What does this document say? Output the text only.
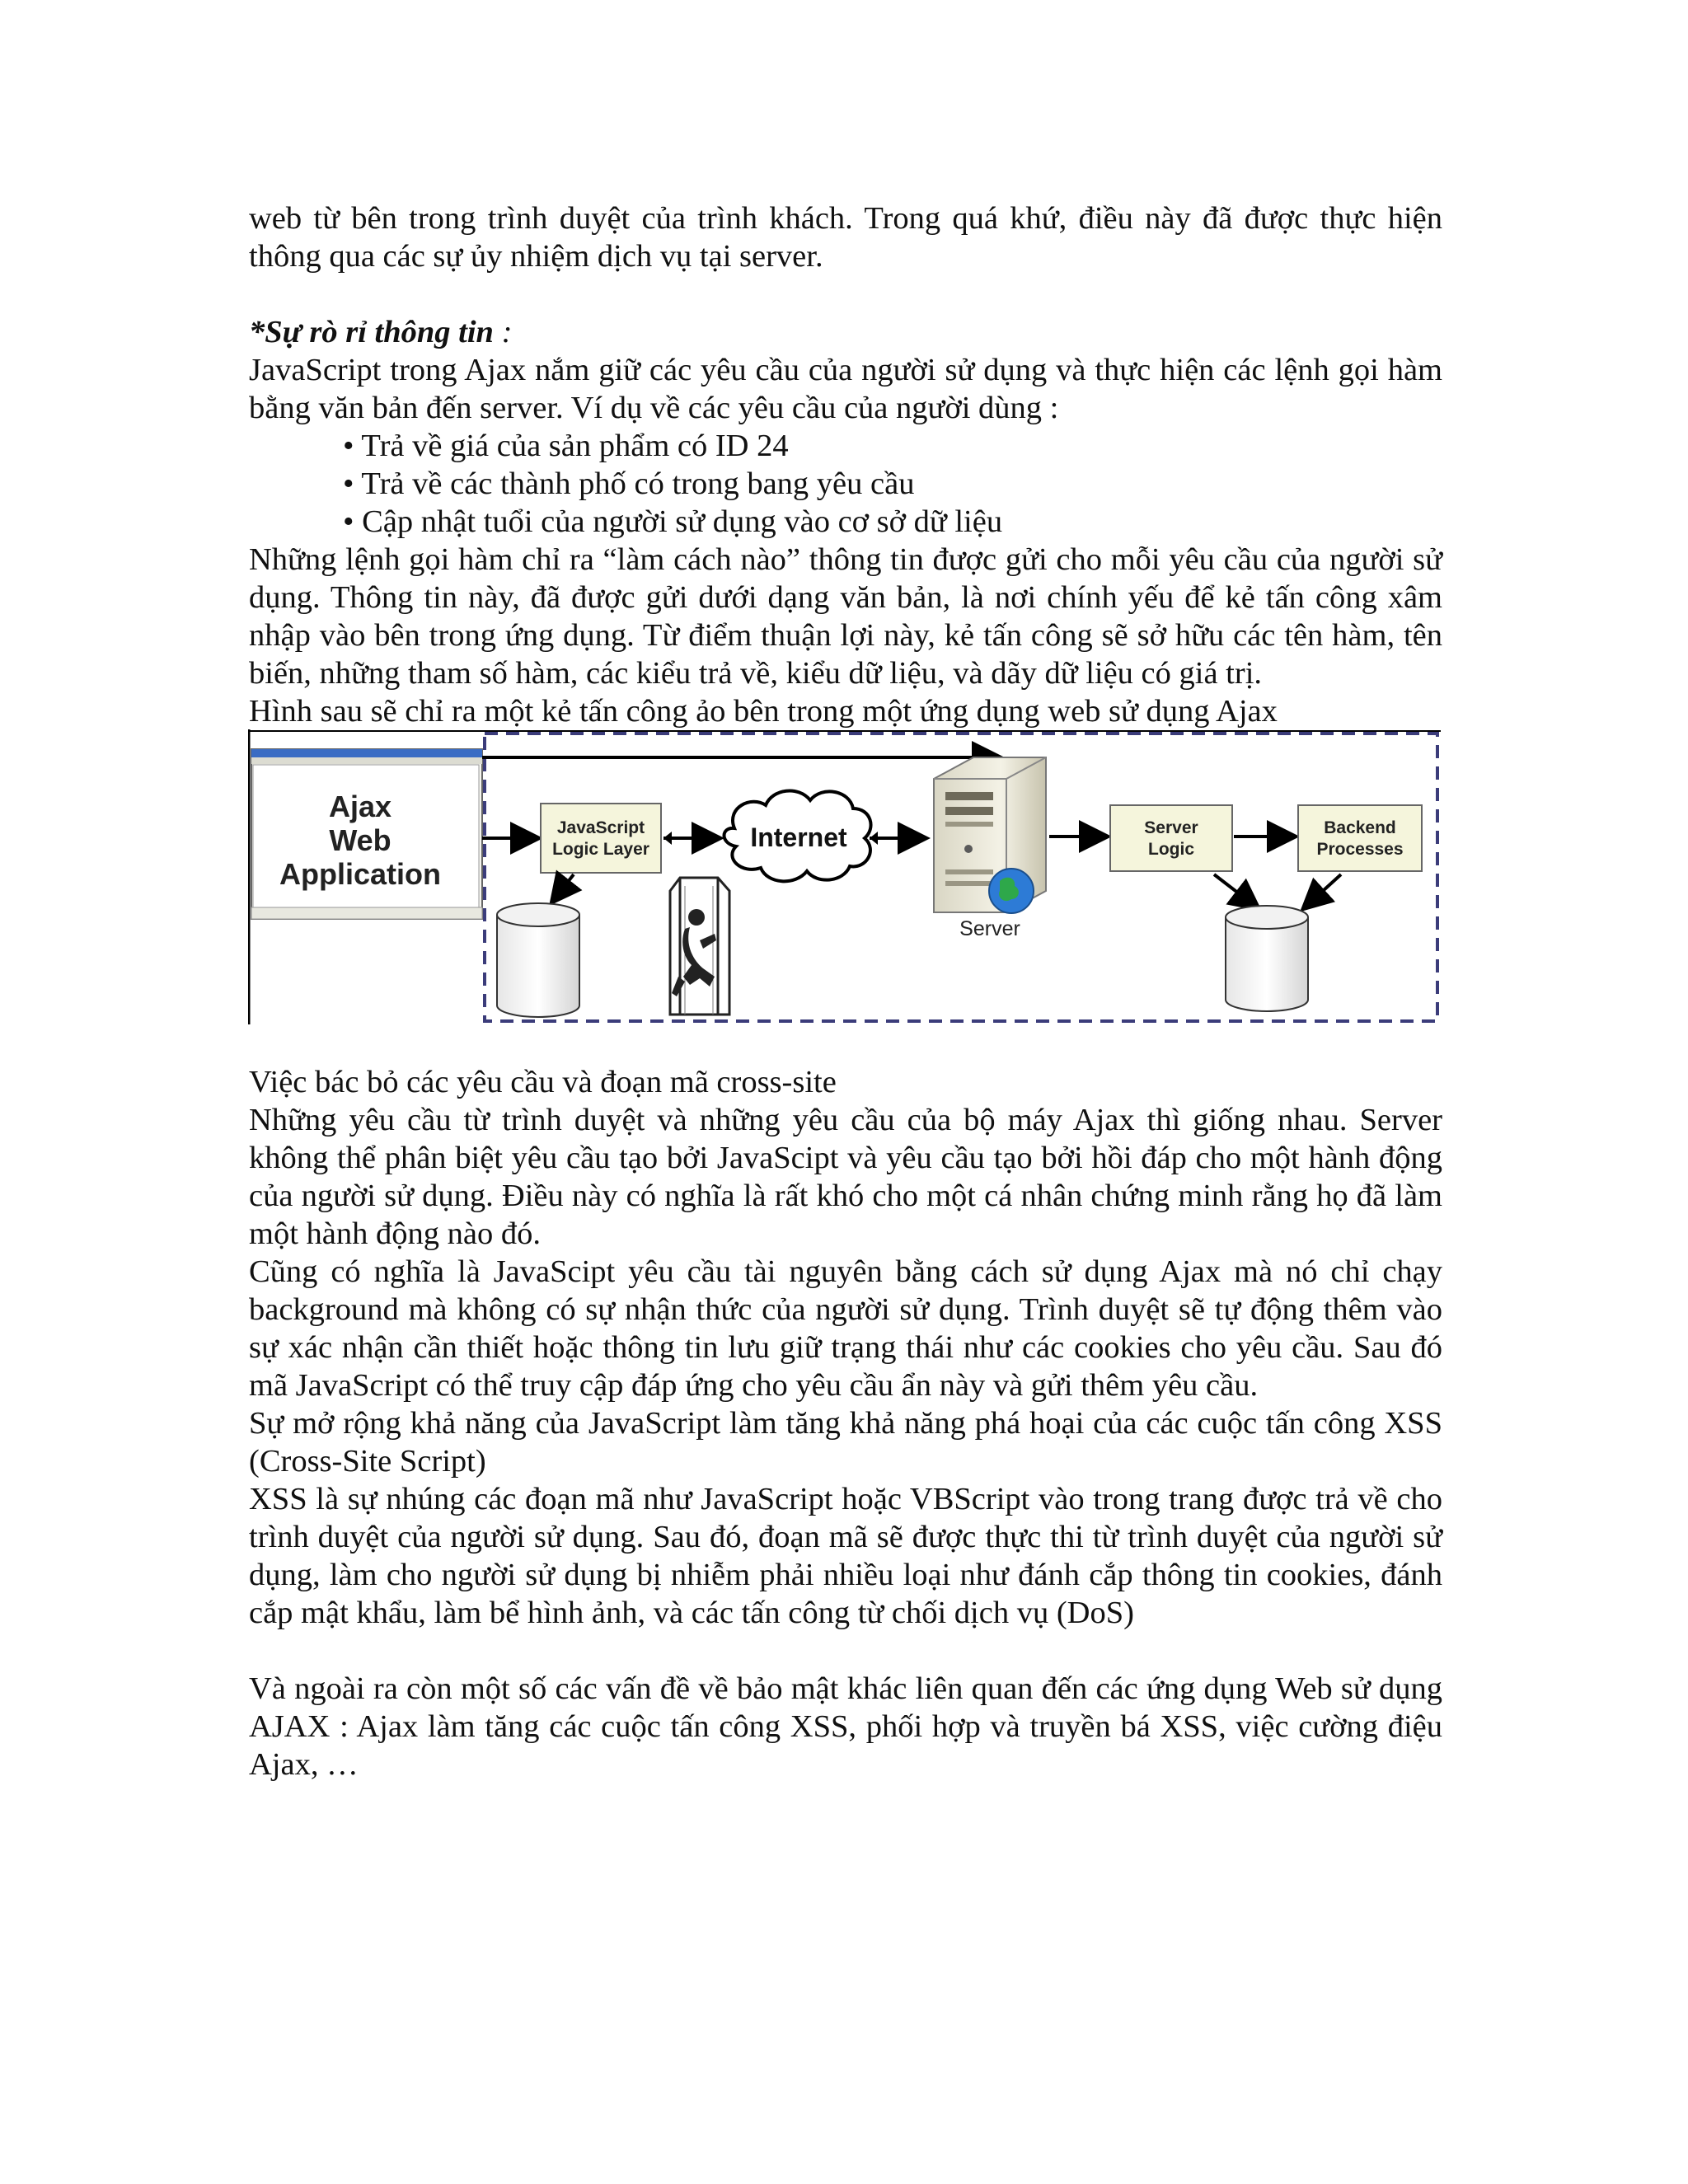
web từ bên trong trình duyệt của trình khách. Trong quá khứ, điều này đã được thực hiện thông qua các sự ủy nhiệm dịch vụ tại server.

*Sự rò rỉ thông tin :

JavaScript trong Ajax nắm giữ các yêu cầu của người sử dụng và thực hiện các lệnh gọi hàm bằng văn bản đến server. Ví dụ về các yêu cầu của người dùng :

• Trả về giá của sản phẩm có ID 24
• Trả về các thành phố có trong bang yêu cầu
• Cập nhật tuổi của người sử dụng vào cơ sở dữ liệu

Những lệnh gọi hàm chỉ ra “làm cách nào” thông tin được gửi cho mỗi yêu cầu của người sử dụng. Thông tin này, đã được gửi dưới dạng văn bản, là nơi chính yếu để kẻ tấn công xâm nhập vào bên trong ứng dụng. Từ điểm thuận lợi này, kẻ tấn công sẽ sở hữu các tên hàm, tên biến, những tham số hàm, các kiểu trả về, kiểu dữ liệu, và dãy dữ liệu có giá trị.

Hình sau sẽ chỉ ra một kẻ tấn công ảo bên trong một ứng dụng web sử dụng Ajax

Ajax
Web
Application
JavaScript
Logic Layer	Internet
Server
Server
Logic
Backend
Processes

Việc bác bỏ các yêu cầu và đoạn mã cross-site

Những yêu cầu từ trình duyệt và những yêu cầu của bộ máy Ajax thì giống nhau. Server không thể phân biệt yêu cầu tạo bởi JavaScipt và yêu cầu tạo bởi hồi đáp cho một hành động của người sử dụng. Điều này có nghĩa là rất khó cho một cá nhân chứng minh rằng họ đã làm một hành động nào đó.

Cũng có nghĩa là JavaScipt yêu cầu tài nguyên bằng cách sử dụng Ajax mà nó chỉ chạy background mà không có sự nhận thức của người sử dụng. Trình duyệt sẽ tự động thêm vào sự xác nhận cần thiết hoặc thông tin lưu giữ trạng thái như các cookies cho yêu cầu. Sau đó mã JavaScript có thể truy cập đáp ứng cho yêu cầu ẩn này và gửi thêm yêu cầu.

Sự mở rộng khả năng của JavaScript làm tăng khả năng phá hoại của các cuộc tấn công XSS (Cross-Site Script)

XSS là sự nhúng các đoạn mã như JavaScript hoặc VBScript vào trong trang được trả về cho trình duyệt của người sử dụng. Sau đó, đoạn mã sẽ được thực thi từ trình duyệt của người sử dụng, làm cho người sử dụng bị nhiễm phải nhiều loại như đánh cắp thông tin cookies, đánh cắp mật khẩu, làm bể hình ảnh, và các tấn công từ chối dịch vụ (DoS)

Và ngoài ra còn một số các vấn đề về bảo mật khác liên quan đến các ứng dụng Web sử dụng AJAX : Ajax làm tăng các cuộc tấn công XSS, phối hợp và truyền bá XSS, việc cường điệu Ajax, …
